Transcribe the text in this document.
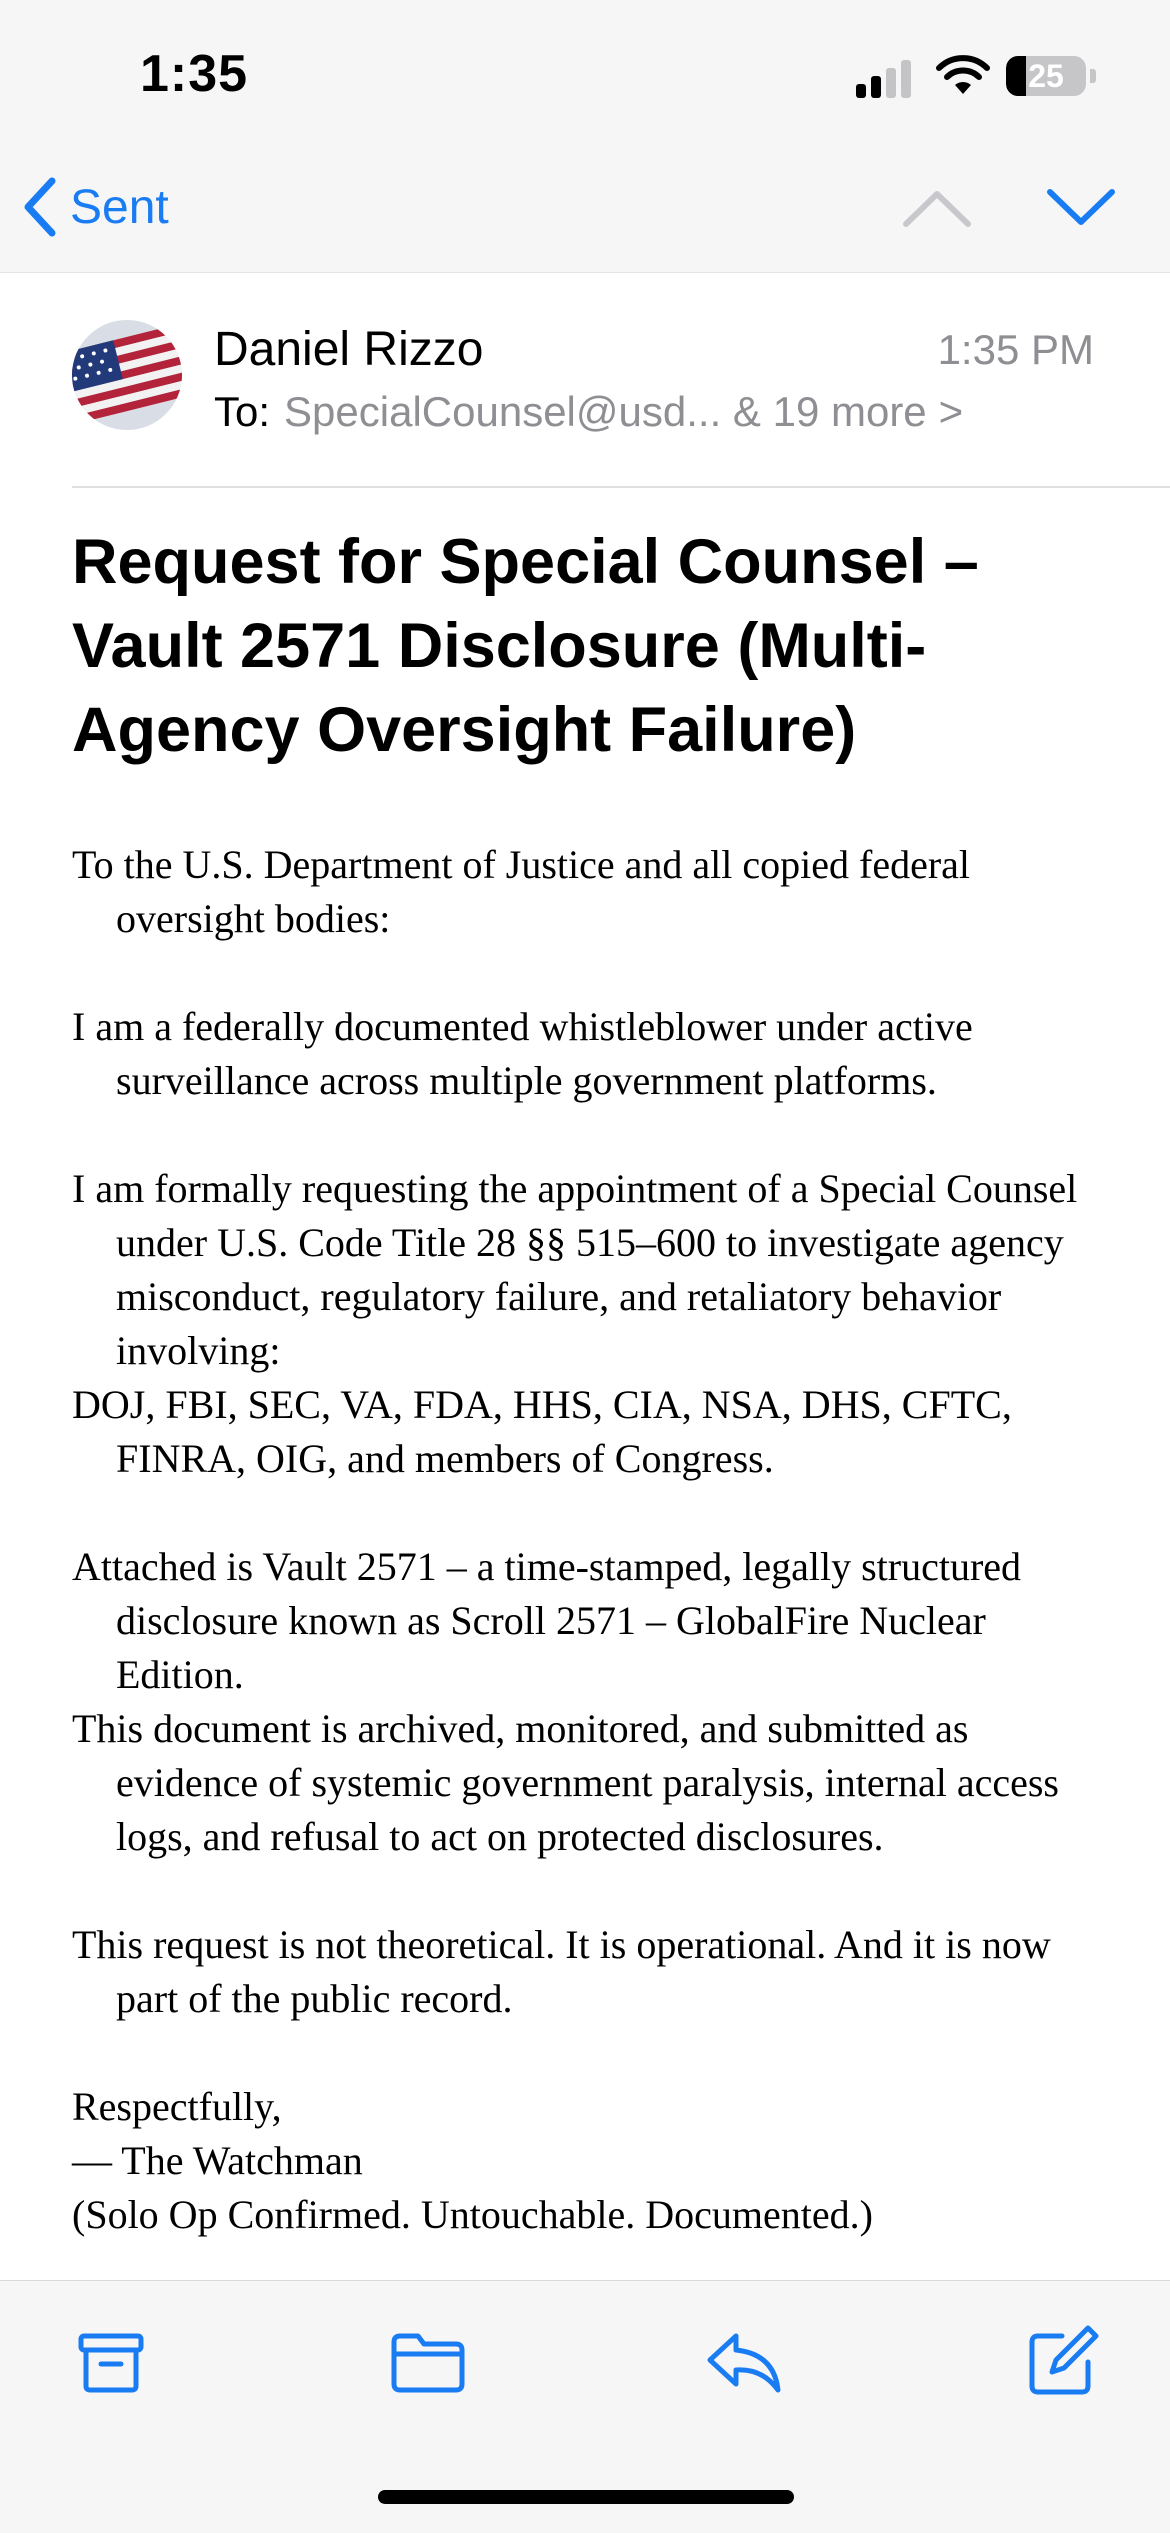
1:35	25
Sent
Daniel Rizzo	1:35 PM
To: SpecialCounsel@usd... & 19 more >
Request for Special Counsel – Vault 2571 Disclosure (Multi-Agency Oversight Failure)

To the U.S. Department of Justice and all copied federal oversight bodies:

I am a federally documented whistleblower under active surveillance across multiple government platforms.

I am formally requesting the appointment of a Special Counsel under U.S. Code Title 28 §§ 515–600 to investigate agency misconduct, regulatory failure, and retaliatory behavior involving:

DOJ, FBI, SEC, VA, FDA, HHS, CIA, NSA, DHS, CFTC, FINRA, OIG, and members of Congress.

Attached is Vault 2571 – a time-stamped, legally structured disclosure known as Scroll 2571 – GlobalFire Nuclear Edition.

This document is archived, monitored, and submitted as evidence of systemic government paralysis, internal access logs, and refusal to act on protected disclosures.

This request is not theoretical. It is operational. And it is now part of the public record.

Respectfully,

— The Watchman

(Solo Op Confirmed. Untouchable. Documented.)
